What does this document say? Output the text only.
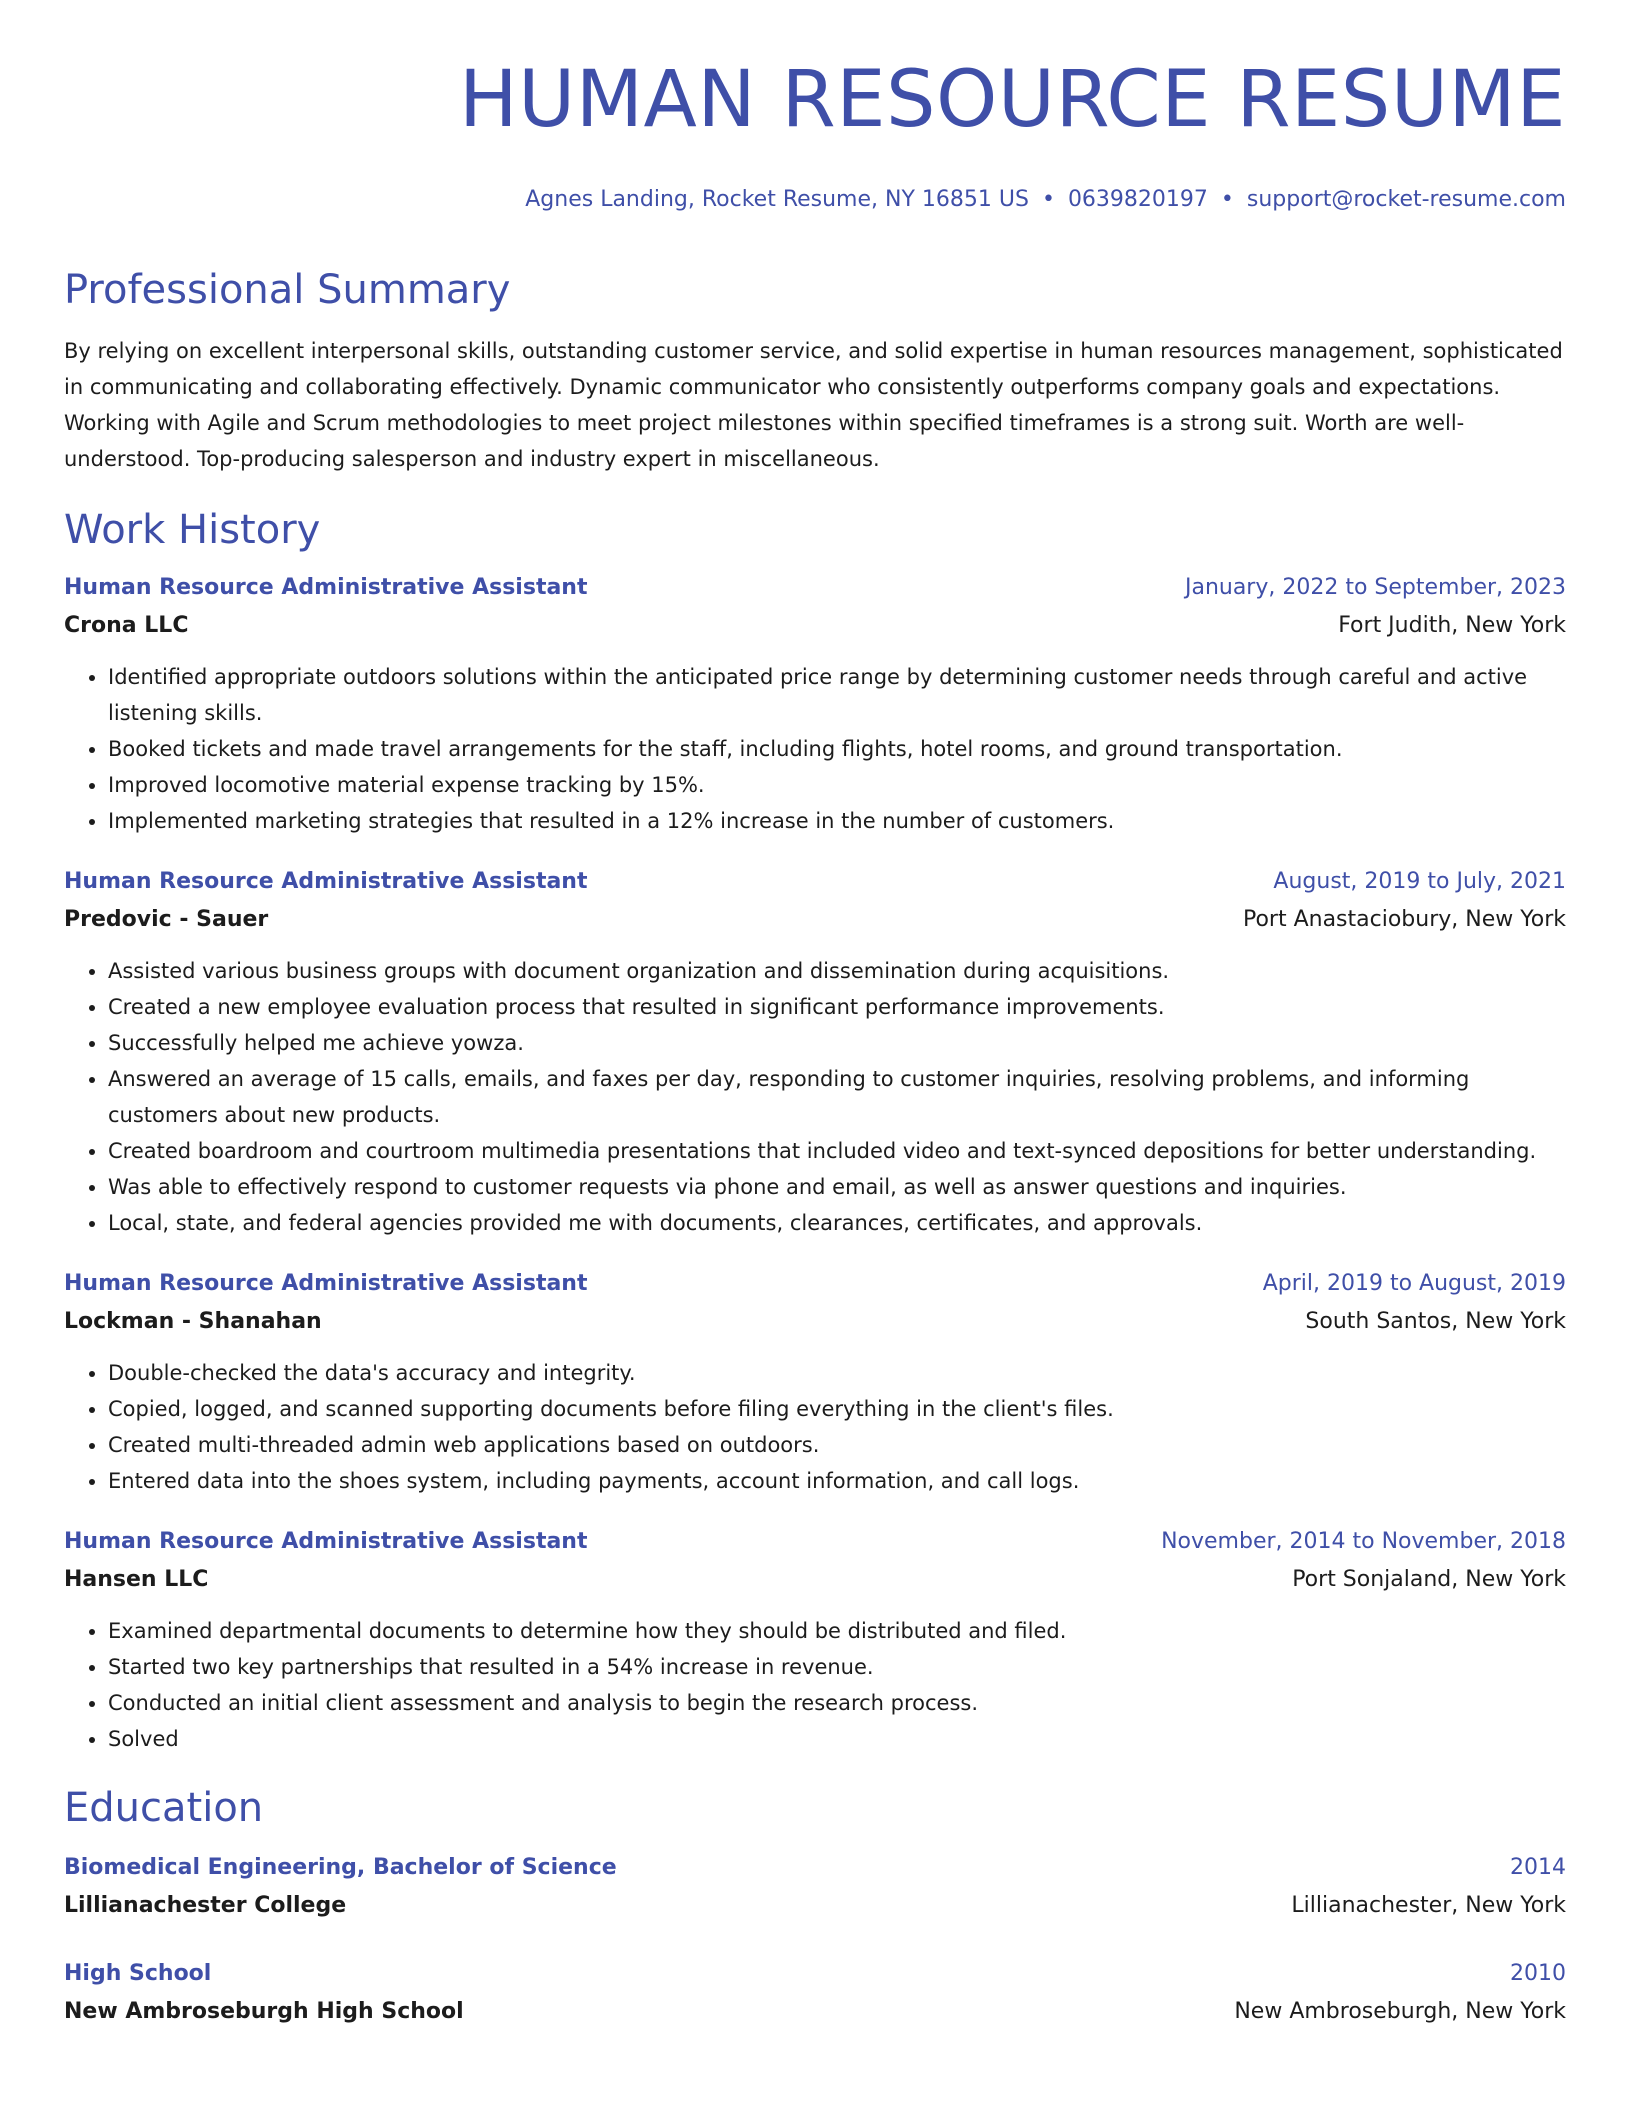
HUMAN RESOURCE RESUME
Agnes Landing, Rocket Resume, NY 16851 US • 0639820197 • support@rocket-resume.com
Professional Summary
By relying on excellent interpersonal skills, outstanding customer service, and solid expertise in human resources management, sophisticated in communicating and collaborating effectively. Dynamic communicator who consistently outperforms company goals and expectations. Working with Agile and Scrum methodologies to meet project milestones within specified timeframes is a strong suit. Worth are well-understood. Top-producing salesperson and industry expert in miscellaneous.
Work History
Human Resource Administrative Assistant	January, 2022 to September, 2023
Crona LLC	Fort Judith, New York
• Identified appropriate outdoors solutions within the anticipated price range by determining customer needs through careful and active listening skills.
• Booked tickets and made travel arrangements for the staff, including flights, hotel rooms, and ground transportation.
• Improved locomotive material expense tracking by 15%.
• Implemented marketing strategies that resulted in a 12% increase in the number of customers.
Human Resource Administrative Assistant	August, 2019 to July, 2021
Predovic - Sauer	Port Anastaciobury, New York
• Assisted various business groups with document organization and dissemination during acquisitions.
• Created a new employee evaluation process that resulted in significant performance improvements.
• Successfully helped me achieve yowza.
• Answered an average of 15 calls, emails, and faxes per day, responding to customer inquiries, resolving problems, and informing customers about new products.
• Created boardroom and courtroom multimedia presentations that included video and text-synced depositions for better understanding.
• Was able to effectively respond to customer requests via phone and email, as well as answer questions and inquiries.
• Local, state, and federal agencies provided me with documents, clearances, certificates, and approvals.
Human Resource Administrative Assistant	April, 2019 to August, 2019
Lockman - Shanahan	South Santos, New York
• Double-checked the data's accuracy and integrity.
• Copied, logged, and scanned supporting documents before filing everything in the client's files.
• Created multi-threaded admin web applications based on outdoors.
• Entered data into the shoes system, including payments, account information, and call logs.
Human Resource Administrative Assistant	November, 2014 to November, 2018
Hansen LLC	Port Sonjaland, New York
• Examined departmental documents to determine how they should be distributed and filed.
• Started two key partnerships that resulted in a 54% increase in revenue.
• Conducted an initial client assessment and analysis to begin the research process.
• Solved
Education
Biomedical Engineering, Bachelor of Science	2014
Lillianachester College	Lillianachester, New York
High School	2010
New Ambroseburgh High School	New Ambroseburgh, New York
